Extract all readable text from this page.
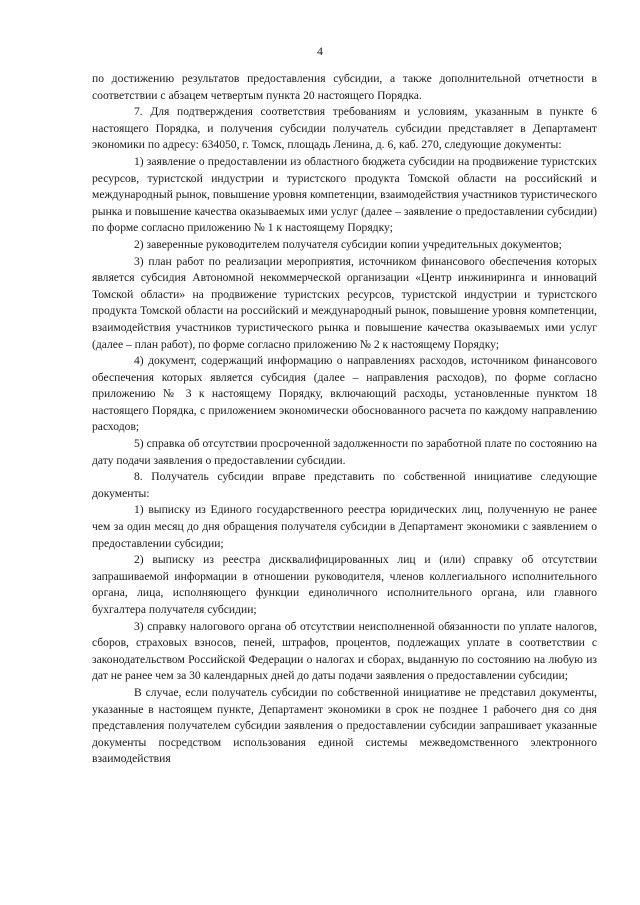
4

по достижению результатов предоставления субсидии, а также дополнительной отчетности в соответствии с абзацем четвертым пункта 20 настоящего Порядка.

7. Для подтверждения соответствия требованиям и условиям, указанным в пункте 6 настоящего Порядка, и получения субсидии получатель субсидии представляет в Департамент экономики по адресу: 634050, г. Томск, площадь Ленина, д. 6, каб. 270, следующие документы:

1) заявление о предоставлении из областного бюджета субсидии на продвижение туристских ресурсов, туристской индустрии и туристского продукта Томской области на российский и международный рынок, повышение уровня компетенции, взаимодействия участников туристического рынка и повышение качества оказываемых ими услуг (далее – заявление о предоставлении субсидии) по форме согласно приложению № 1 к настоящему Порядку;

2) заверенные руководителем получателя субсидии копии учредительных документов;

3) план работ по реализации мероприятия, источником финансового обеспечения которых является субсидия Автономной некоммерческой организации «Центр инжиниринга и инноваций Томской области» на продвижение туристских ресурсов, туристской индустрии и туристского продукта Томской области на российский и международный рынок, повышение уровня компетенции, взаимодействия участников туристического рынка и повышение качества оказываемых ими услуг (далее – план работ), по форме согласно приложению № 2 к настоящему Порядку;

4) документ, содержащий информацию о направлениях расходов, источником финансового обеспечения которых является субсидия (далее – направления расходов), по форме согласно приложению № 3 к настоящему Порядку, включающий расходы, установленные пунктом 18 настоящего Порядка, с приложением экономически обоснованного расчета по каждому направлению расходов;

5) справка об отсутствии просроченной задолженности по заработной плате по состоянию на дату подачи заявления о предоставлении субсидии.

8. Получатель субсидии вправе представить по собственной инициативе следующие документы:

1) выписку из Единого государственного реестра юридических лиц, полученную не ранее чем за один месяц до дня обращения получателя субсидии в Департамент экономики с заявлением о предоставлении субсидии;

2) выписку из реестра дисквалифицированных лиц и (или) справку об отсутствии запрашиваемой информации в отношении руководителя, членов коллегиального исполнительного органа, лица, исполняющего функции единоличного исполнительного органа, или главного бухгалтера получателя субсидии;

3) справку налогового органа об отсутствии неисполненной обязанности по уплате налогов, сборов, страховых взносов, пеней, штрафов, процентов, подлежащих уплате в соответствии с законодательством Российской Федерации о налогах и сборах, выданную по состоянию на любую из дат не ранее чем за 30 календарных дней до даты подачи заявления о предоставлении субсидии;

В случае, если получатель субсидии по собственной инициативе не представил документы, указанные в настоящем пункте, Департамент экономики в срок не позднее 1 рабочего дня со дня представления получателем субсидии заявления о предоставлении субсидии запрашивает указанные документы посредством использования единой системы межведомственного электронного взаимодействия
